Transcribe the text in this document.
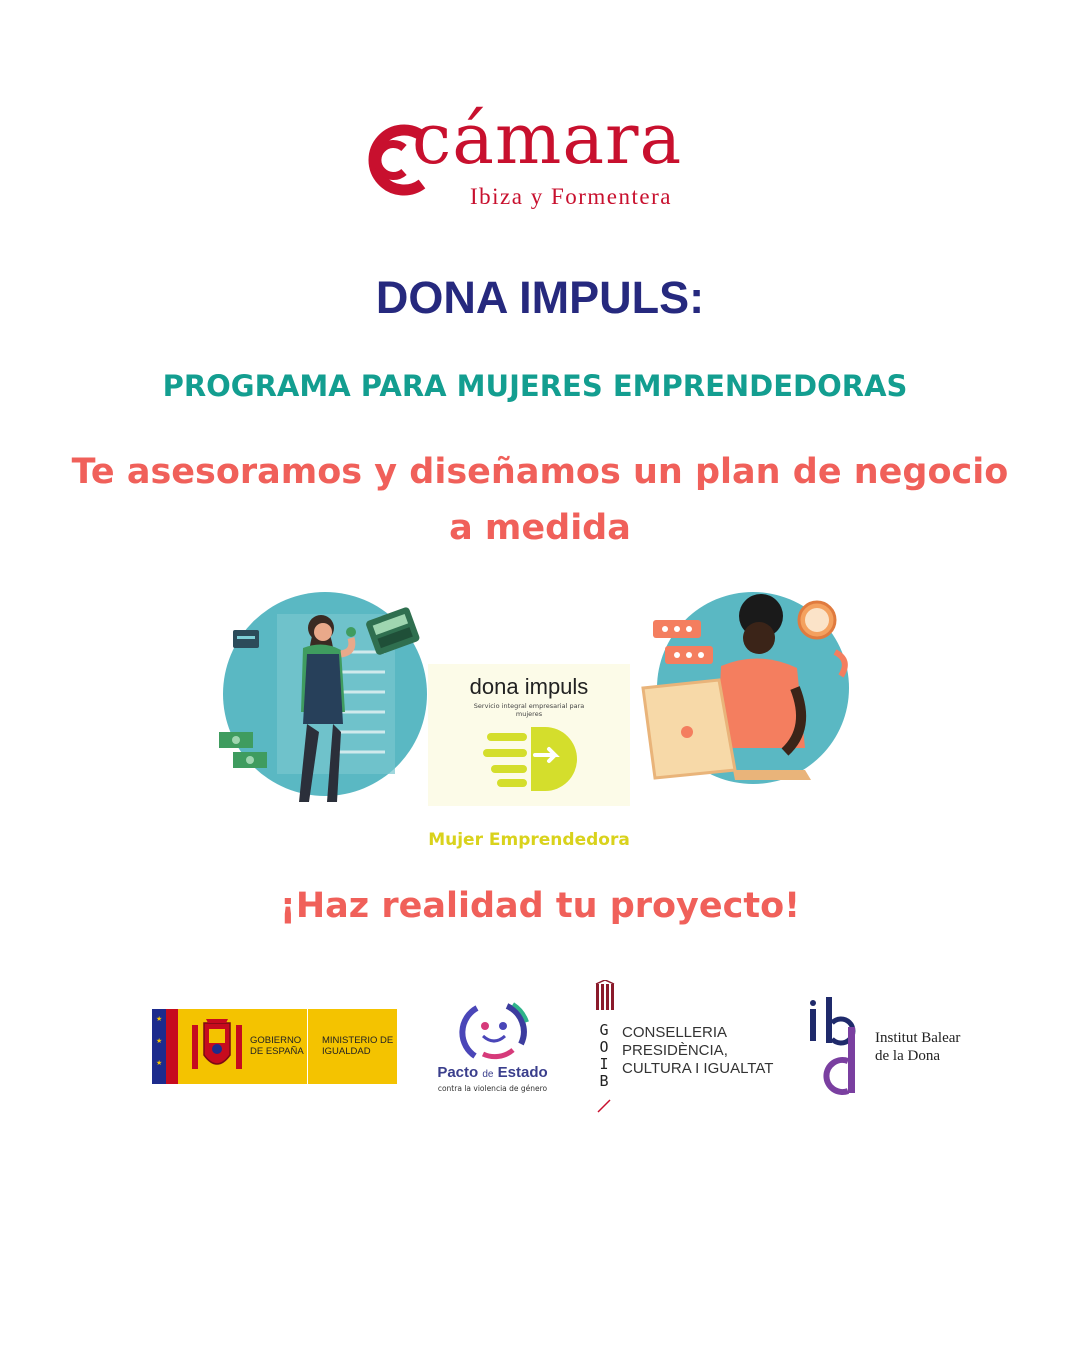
cámara
Ibiza y Formentera
DONA IMPULS:
PROGRAMA PARA MUJERES EMPRENDEDORAS
Te asesoramos y diseñamos un plan de negocio a medida
dona impuls
Servicio integral empresarial para mujeres
Mujer Emprendedora
¡Haz realidad tu proyecto!
★
★
★
GOBIERNO DE ESPAÑA
MINISTERIO DE IGUALDAD
Pacto de Estado
contra la violencia de género
GOIB
CONSELLERIA PRESIDÈNCIA, CULTURA I IGUALTAT
Institut Balear de la Dona
